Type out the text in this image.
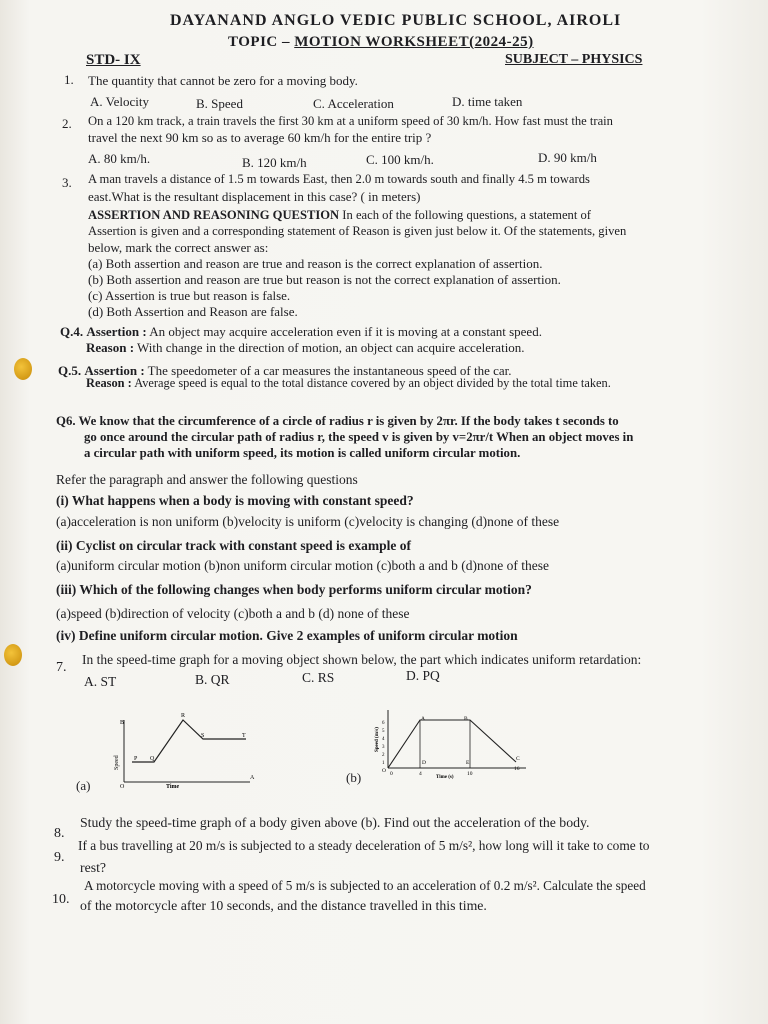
DAYANAND ANGLO VEDIC PUBLIC SCHOOL, AIROLI
TOPIC – MOTION WORKSHEET(2024-25)
STD- IX	SUBJECT – PHYSICS
1. The quantity that cannot be zero for a moving body.
A. Velocity	B. Speed	C. Acceleration	D. time taken
2. On a 120 km track, a train travels the first 30 km at a uniform speed of 30 km/h. How fast must the train
travel the next 90 km so as to average 60 km/h for the entire trip ?
A. 80 km/h.	B. 120 km/h	C. 100 km/h.	D. 90 km/h
3. A man travels a distance of 1.5 m towards East, then 2.0 m towards south and finally 4.5 m towards
east.What is the resultant displacement in this case? ( in meters)
ASSERTION AND REASONING QUESTION In each of the following questions, a statement of
Assertion is given and a corresponding statement of Reason is given just below it. Of the statements, given
below, mark the correct answer as:
(a) Both assertion and reason are true and reason is the correct explanation of assertion.
(b) Both assertion and reason are true but reason is not the correct explanation of assertion.
(c) Assertion is true but reason is false.
(d) Both Assertion and Reason are false.
Q.4. Assertion : An object may acquire acceleration even if it is moving at a constant speed.
Reason : With change in the direction of motion, an object can acquire acceleration.
Q.5. Assertion : The speedometer of a car measures the instantaneous speed of the car.
Reason : Average speed is equal to the total distance covered by an object divided by the total time taken.
Q6. We know that the circumference of a circle of radius r is given by 2πr. If the body takes t seconds to
go once around the circular path of radius r, the speed v is given by v=2πr/t When an object moves in
a circular path with uniform speed, its motion is called uniform circular motion.
Refer the paragraph and answer the following questions
(i) What happens when a body is moving with constant speed?
(a)acceleration is non uniform (b)velocity is uniform (c)velocity is changing (d)none of these
(ii) Cyclist on circular track with constant speed is example of
(a)uniform circular motion (b)non uniform circular motion (c)both a and b (d)none of these
(iii) Which of the following changes when body performs uniform circular motion?
(a)speed (b)direction of velocity (c)both a and b (d) none of these
(iv) Define uniform circular motion. Give 2 examples of uniform circular motion
7.
In the speed-time graph for a moving object shown below, the part which indicates uniform retardation:
A. ST	B. QR	C. RS	D. PQ
B
R
S	T
P Q
A
O	Time
Speed
(a)
A	B
C
D	E
O 0	4	10
16
1
2
3
4
5
6
Time (s)
Speed (m/s)
(b)
8.
Study the speed-time graph of a body given above (b). Find out the acceleration of the body.
9.
If a bus travelling at 20 m/s is subjected to a steady deceleration of 5 m/s², how long will it take to come to
rest?
10.
A motorcycle moving with a speed of 5 m/s is subjected to an acceleration of 0.2 m/s². Calculate the speed
of the motorcycle after 10 seconds, and the distance travelled in this time.
